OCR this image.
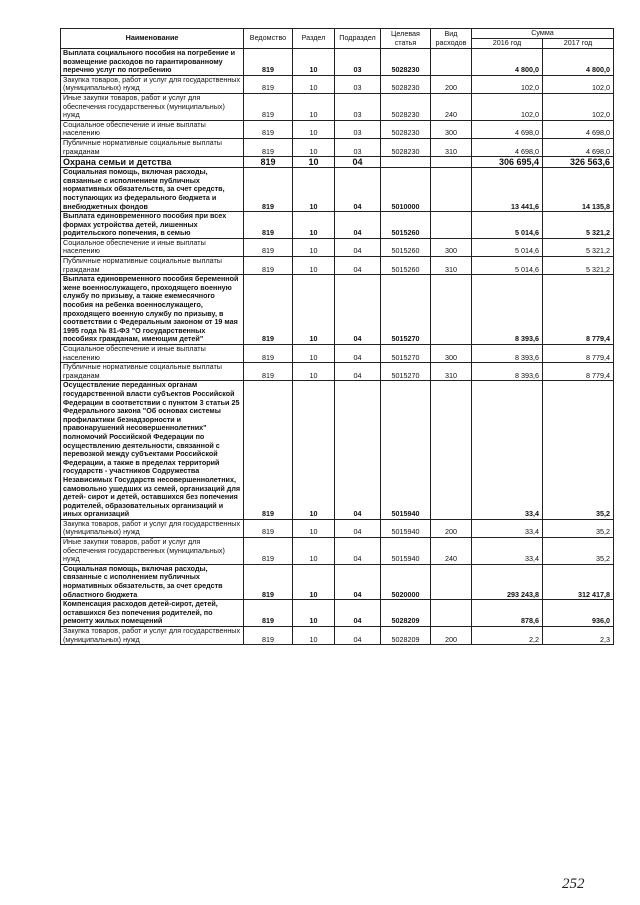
Наименование	Ведомство	Раздел	Подраздел	Целевая статья	Вид расходов	Сумма	
						2016 год	2017 год
Выплата социального пособия на погребение и возмещение расходов по гарантированному перечню услуг по погребению	819	10	03	5028230		4 800,0	4 800,0
Закупка товаров, работ и услуг для государственных (муниципальных) нужд	819	10	03	5028230	200	102,0	102,0
Иные закупки товаров, работ и услуг для обеспечения государственных (муниципальных) нужд	819	10	03	5028230	240	102,0	102,0
Социальное обеспечение и иные выплаты населению	819	10	03	5028230	300	4 698,0	4 698,0
Публичные нормативные социальные выплаты гражданам	819	10	03	5028230	310	4 698,0	4 698,0
Охрана семьи и детства	819	10	04			306 695,4	326 563,6
Социальная помощь, включая расходы, связанные с исполнением публичных нормативных обязательств, за счет средств, поступающих из федерального бюджета и внебюджетных фондов	819	10	04	5010000		13 441,6	14 135,8
Выплата единовременного пособия при всех формах устройства детей, лишенных родительского попечения, в семью	819	10	04	5015260		5 014,6	5 321,2
Социальное обеспечение и иные выплаты населению	819	10	04	5015260	300	5 014,6	5 321,2
Публичные нормативные социальные выплаты гражданам	819	10	04	5015260	310	5 014,6	5 321,2
Выплата единовременного пособия беременной жене военнослужащего, проходящего военную службу по призыву, а также ежемесячного пособия на ребенка военнослужащего, проходящего военную службу по призыву, в соответствии с Федеральным законом от 19 мая 1995 года № 81-ФЗ "О государственных пособиях гражданам, имеющим детей"	819	10	04	5015270		8 393,6	8 779,4
Социальное обеспечение и иные выплаты населению	819	10	04	5015270	300	8 393,6	8 779,4
Публичные нормативные социальные выплаты гражданам	819	10	04	5015270	310	8 393,6	8 779,4
Осуществление переданных органам государственной власти субъектов Российской Федерации в соответствии с пунктом 3 статьи 25 Федерального закона "Об основах системы профилактики безнадзорности и правонарушений несовершеннолетних" полномочий Российской Федерации по осуществлению деятельности, связанной с перевозкой между субъектами Российской Федерации, а также в пределах территорий государств - участников Содружества Независимых Государств несовершеннолетних, самовольно ушедших из семей, организаций для детей- сирот и детей, оставшихся без попечения родителей, образовательных организаций и иных организаций	819	10	04	5015940		33,4	35,2
Закупка товаров, работ и услуг для государственных (муниципальных) нужд	819	10	04	5015940	200	33,4	35,2
Иные закупки товаров, работ и услуг для обеспечения государственных (муниципальных) нужд	819	10	04	5015940	240	33,4	35,2
Социальная помощь, включая расходы, связанные с исполнением публичных нормативных обязательств, за счет средств областного бюджета	819	10	04	5020000		293 243,8	312 417,8
Компенсация расходов детей-сирот, детей, оставшихся без попечения родителей, по ремонту жилых помещений	819	10	04	5028209		878,6	936,0
Закупка товаров, работ и услуг для государственных (муниципальных) нужд	819	10	04	5028209	200	2,2	2,3
252
